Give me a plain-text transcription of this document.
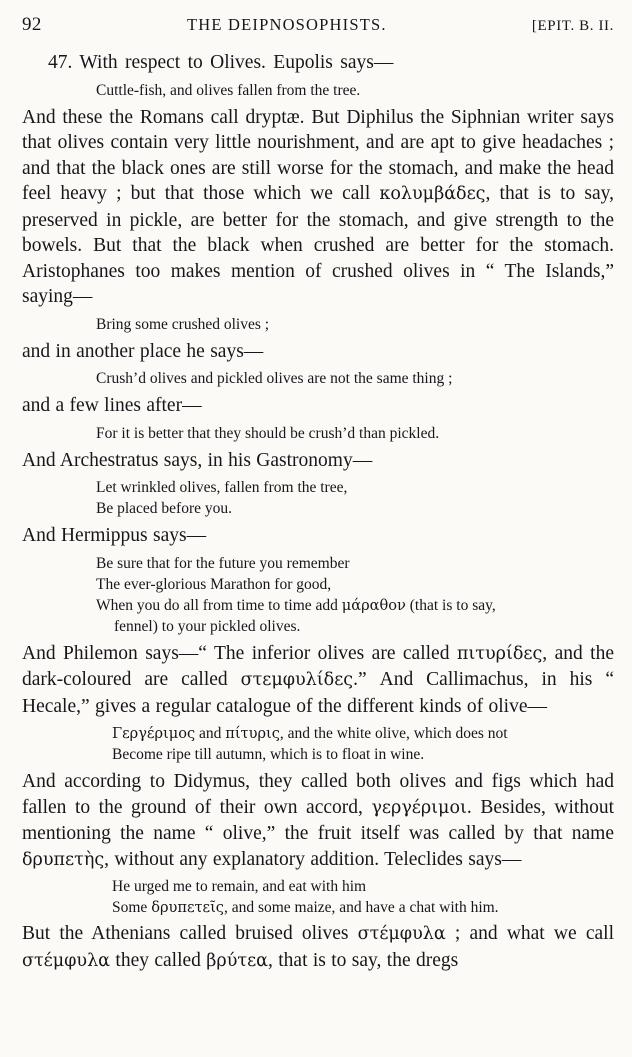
92	THE DEIPNOSOPHISTS.	[EPIT. B. II.

47. With respect to Olives. Eupolis says—

Cuttle-fish, and olives fallen from the tree.

And these the Romans call dryptæ. But Diphilus the Siphnian writer says that olives contain very little nourishment, and are apt to give headaches ; and that the black ones are still worse for the stomach, and make the head feel heavy ; but that those which we call κολυμβάδες, that is to say, preserved in pickle, are better for the stomach, and give strength to the bowels. But that the black when crushed are better for the stomach. Aristophanes too makes mention of crushed olives in “ The Islands,” saying—

Bring some crushed olives ;

and in another place he says—

Crush’d olives and pickled olives are not the same thing ;

and a few lines after—

For it is better that they should be crush’d than pickled.

And Archestratus says, in his Gastronomy—

Let wrinkled olives, fallen from the tree,
Be placed before you.

And Hermippus says—

Be sure that for the future you remember
The ever-glorious Marathon for good,
When you do all from time to time add μάραθον (that is to say,
fennel) to your pickled olives.

And Philemon says—“ The inferior olives are called πιτυρίδες, and the dark-coloured are called στεμφυλίδες.” And Callimachus, in his “ Hecale,” gives a regular catalogue of the different kinds of olive—

Γεργέριμος and πίτυρις, and the white olive, which does not
Become ripe till autumn, which is to float in wine.

And according to Didymus, they called both olives and figs which had fallen to the ground of their own accord, γεργέριμοι. Besides, without mentioning the name “ olive,” the fruit itself was called by that name δρυπετὴς, without any explanatory addition. Teleclides says—

He urged me to remain, and eat with him
Some δρυπετεῖς, and some maize, and have a chat with him.

But the Athenians called bruised olives στέμφυλα ; and what we call στέμφυλα they called βρύτεα, that is to say, the dregs
